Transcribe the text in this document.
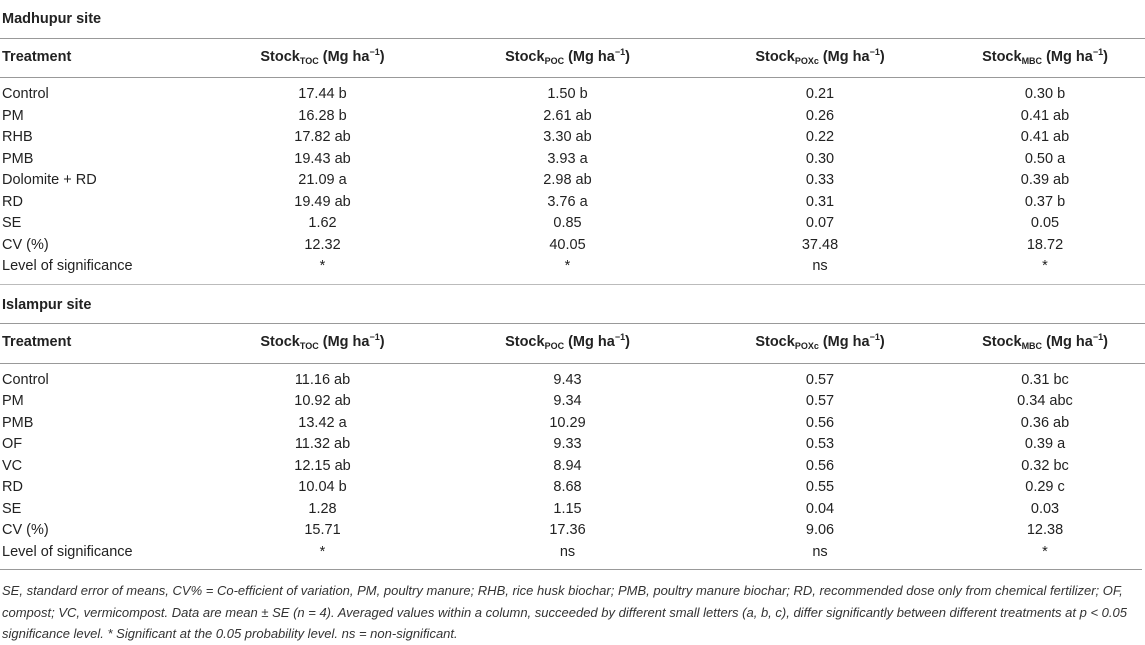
Madhupur site				
Treatment	Stock$_{TOC}$ (Mg $ha^{-1}$)	Stock$_{POC}$ (Mg $ha^{-1}$)	Stock$_{POXc}$ (Mg $ha^{-1}$)	Stock$_{MBC}$ (Mg $ha^{-1}$)

Control	17.44 b	1.50 b	0.21	0.30 b
PM	16.28 b	2.61 ab	0.26	0.41 ab
RHB	17.82 ab	3.30 ab	0.22	0.41 ab
PMB	19.43 ab	3.93 a	0.30	0.50 a
Dolomite + RD	21.09 a	2.98 ab	0.33	0.39 ab
RD	19.49 ab	3.76 a	0.31	0.37 b
SE	1.62	0.85	0.07	0.05
CV (%)	12.32	40.05	37.48	18.72
Level of significance	*	*	ns	*
Islampur site				
Treatment	Stock$_{TOC}$ (Mg $ha^{-1}$)	Stock$_{POC}$ (Mg $ha^{-1}$)	Stock$_{POXc}$ (Mg $ha^{-1}$)	Stock$_{MBC}$ (Mg $ha^{-1}$)

Control	11.16 ab	9.43	0.57	0.31 bc
PM	10.92 ab	9.34	0.57	0.34 abc
PMB	13.42 a	10.29	0.56	0.36 ab
OF	11.32 ab	9.33	0.53	0.39 a
VC	12.15 ab	8.94	0.56	0.32 bc
RD	10.04 b	8.68	0.55	0.29 c
SE	1.28	1.15	0.04	0.03
CV (%)	15.71	17.36	9.06	12.38
Level of significance	*	ns	ns	*
SE, standard error of means, CV% = Co-efficient of variation, PM, poultry manure; RHB, rice husk biochar; PMB, poultry manure biochar; RD, recommended dose only from chemical fertilizer; OF, compost; VC, vermicompost. Data are mean ± SE (n = 4). Averaged values within a column, succeeded by different small letters (a, b, c), differ significantly between different treatments at p < 0.05 significance level. * Significant at the 0.05 probability level. ns = non-significant.
